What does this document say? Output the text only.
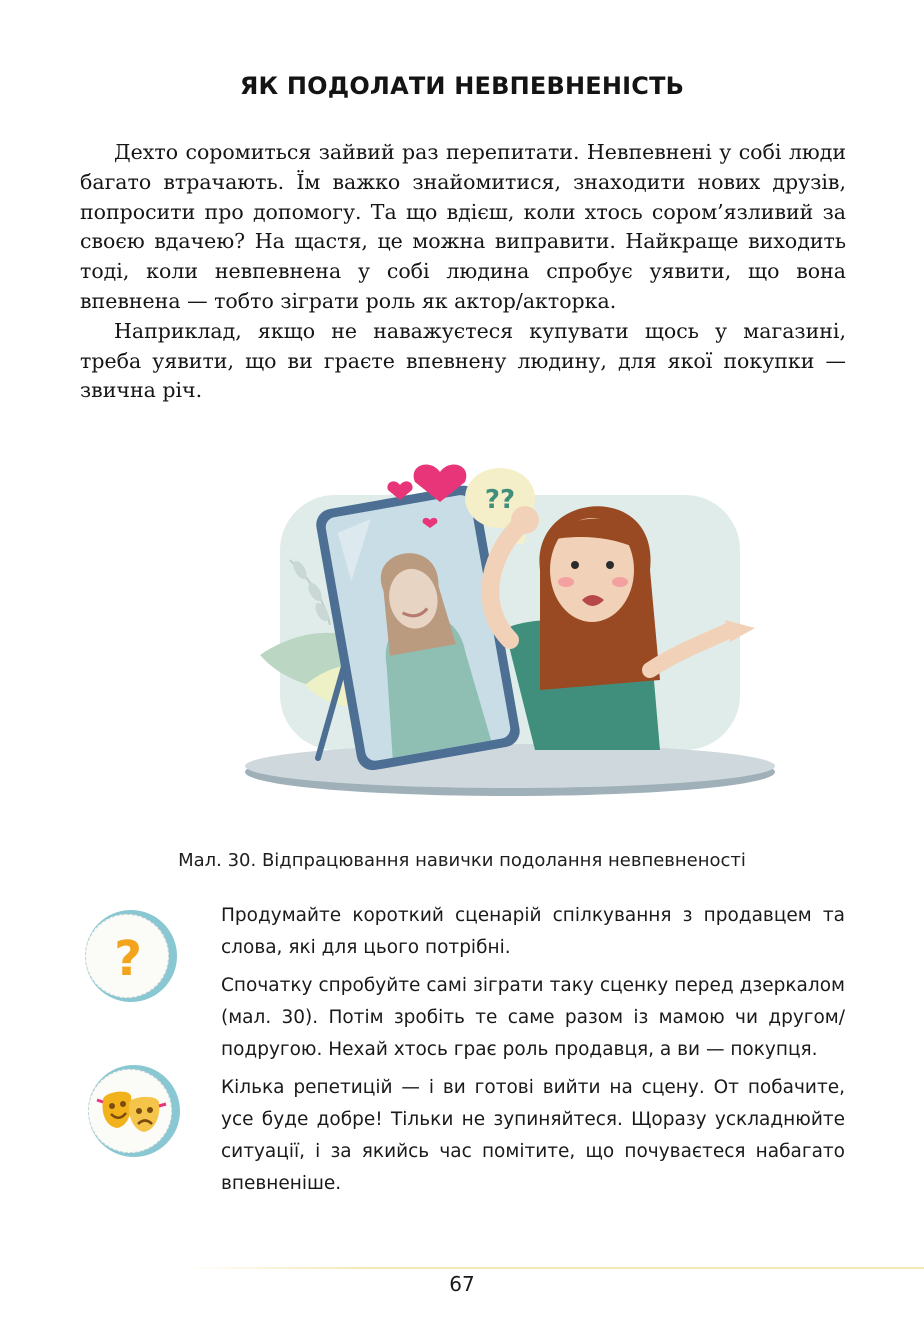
ЯК ПОДОЛАТИ НЕВПЕВНЕНІСТЬ

Дехто соромиться зайвий раз перепитати. Невпевнені у собі люди багато втрачають. Їм важко знайомитися, знаходити нових друзів, попросити про допомогу. Та що вдієш, коли хтось сором’язливий за своєю вдачею? На щастя, це можна виправити. Найкраще виходить тоді, коли невпевнена у собі людина спробує уявити, що вона впевнена — тобто зіграти роль як актор/акторка.

Наприклад, якщо не наважуєтеся купувати щось у магазині, треба уявити, що ви граєте впевнену людину, для якої покупки — звична річ.

??
Мал. 30. Відпрацювання навички подолання невпевненості
?

Продумайте короткий сценарій спілкування з продавцем та слова, які для цього потрібні.

Спочатку спробуйте самі зіграти таку сценку перед дзеркалом (мал. 30). Потім зробіть те саме разом із мамою чи другом/подругою. Нехай хтось грає роль продавця, а ви — покупця.

Кілька репетицій — і ви готові вийти на сцену. От побачите, усе буде добре! Тільки не зупиняйтеся. Щоразу ускладнюйте ситуації, і за якийсь час помітите, що почуваєтеся набагато впевненіше.

67
